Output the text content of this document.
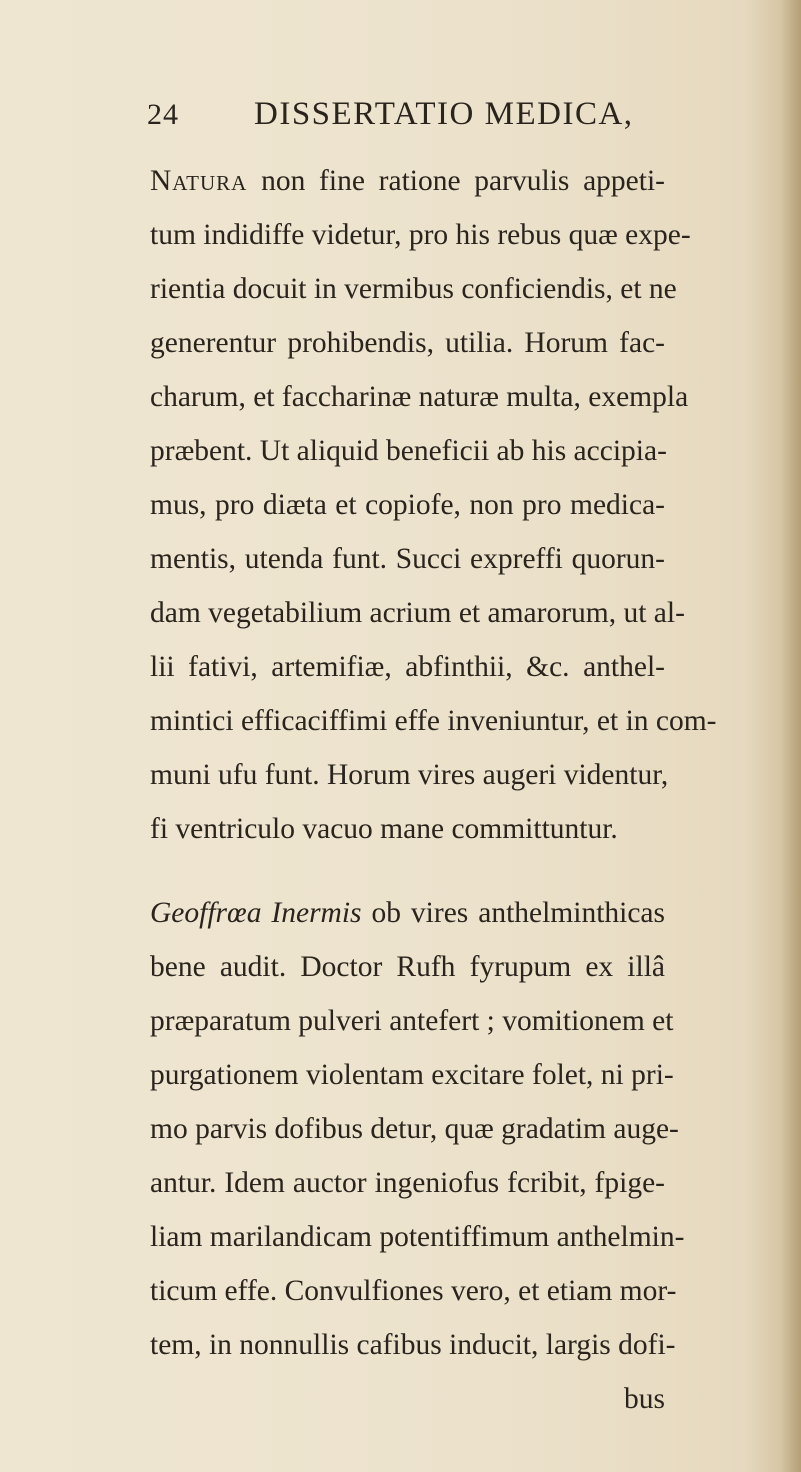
24 DISSERTATIO MEDICA,
Natura non fine ratione parvulis appeti-
tum indidiffe videtur, pro his rebus quæ expe-
rientia docuit in vermibus conficiendis, et ne
generentur prohibendis, utilia. Horum fac-
charum, et faccharinæ naturæ multa, exempla
præbent. Ut aliquid beneficii ab his accipia-
mus, pro diæta et copiofe, non pro medica-
mentis, utenda funt. Succi expreffi quorun-
dam vegetabilium acrium et amarorum, ut al-
lii fativi, artemifiæ, abfinthii, &c. anthel-
mintici efficaciffimi effe inveniuntur, et in com-
muni ufu funt. Horum vires augeri videntur,
fi ventriculo vacuo mane committuntur.
Geoffrœa Inermis ob vires anthelminthicas
bene audit. Doctor Rufh fyrupum ex illâ
præparatum pulveri antefert ; vomitionem et
purgationem violentam excitare folet, ni pri-
mo parvis dofibus detur, quæ gradatim auge-
antur. Idem auctor ingeniofus fcribit, fpige-
liam marilandicam potentiffimum anthelmin-
ticum effe. Convulfiones vero, et etiam mor-
tem, in nonnullis cafibus inducit, largis dofi-
bus
